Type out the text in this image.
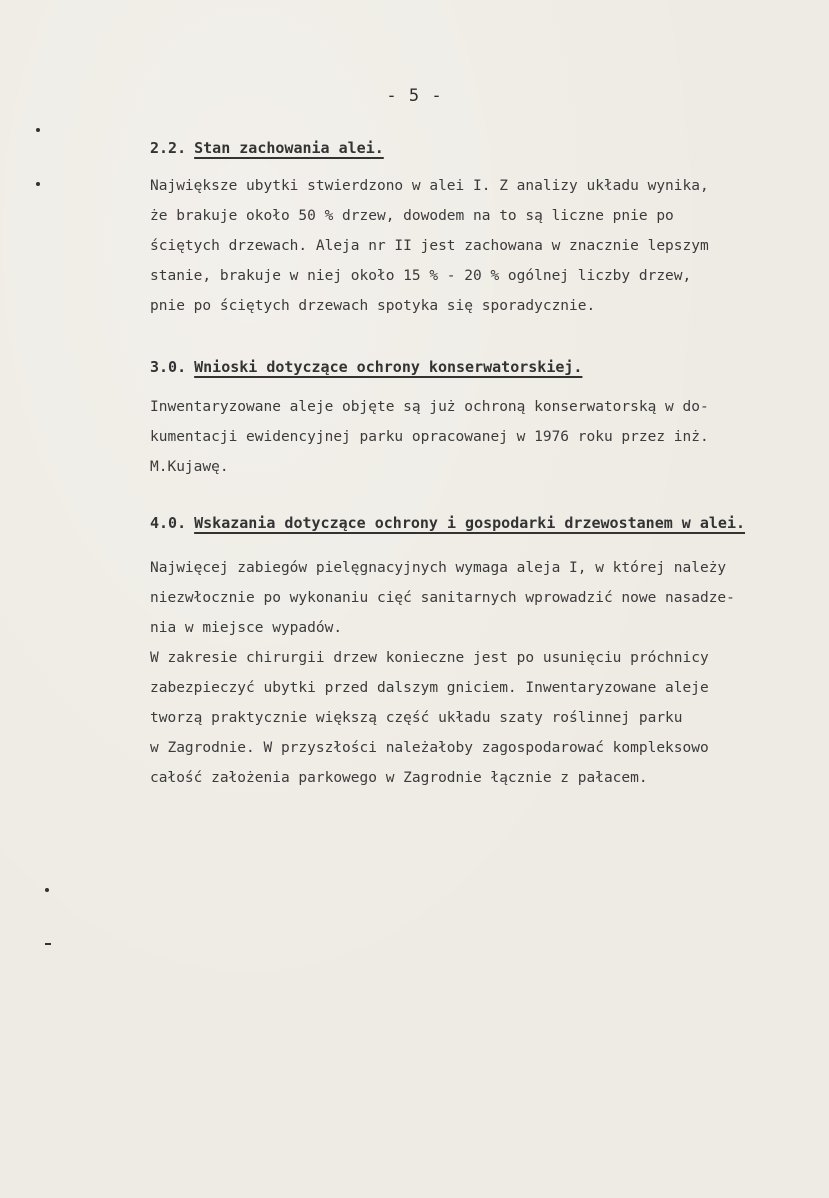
- 5 -
2.2. Stan zachowania alei.
Największe ubytki stwierdzono w alei I. Z analizy układu wynika,
że brakuje około 50 % drzew, dowodem na to są liczne pnie po
ściętych drzewach. Aleja nr II jest zachowana w znacznie lepszym
stanie, brakuje w niej około 15 % - 20 % ogólnej liczby drzew,
pnie po ściętych drzewach spotyka się sporadycznie.
3.0. Wnioski dotyczące ochrony konserwatorskiej.
Inwentaryzowane aleje objęte są już ochroną konserwatorską w do-
kumentacji ewidencyjnej parku opracowanej w 1976 roku przez inż.
M.Kujawę.
4.0. Wskazania dotyczące ochrony i gospodarki drzewostanem w alei.
Najwięcej zabiegów pielęgnacyjnych wymaga aleja I, w której należy
niezwłocznie po wykonaniu cięć sanitarnych wprowadzić nowe nasadze-
nia w miejsce wypadów.
W zakresie chirurgii drzew konieczne jest po usunięciu próchnicy
zabezpieczyć ubytki przed dalszym gniciem. Inwentaryzowane aleje
tworzą praktycznie większą część układu szaty roślinnej parku
w Zagrodnie. W przyszłości należałoby zagospodarować kompleksowo
całość założenia parkowego w Zagrodnie łącznie z pałacem.
